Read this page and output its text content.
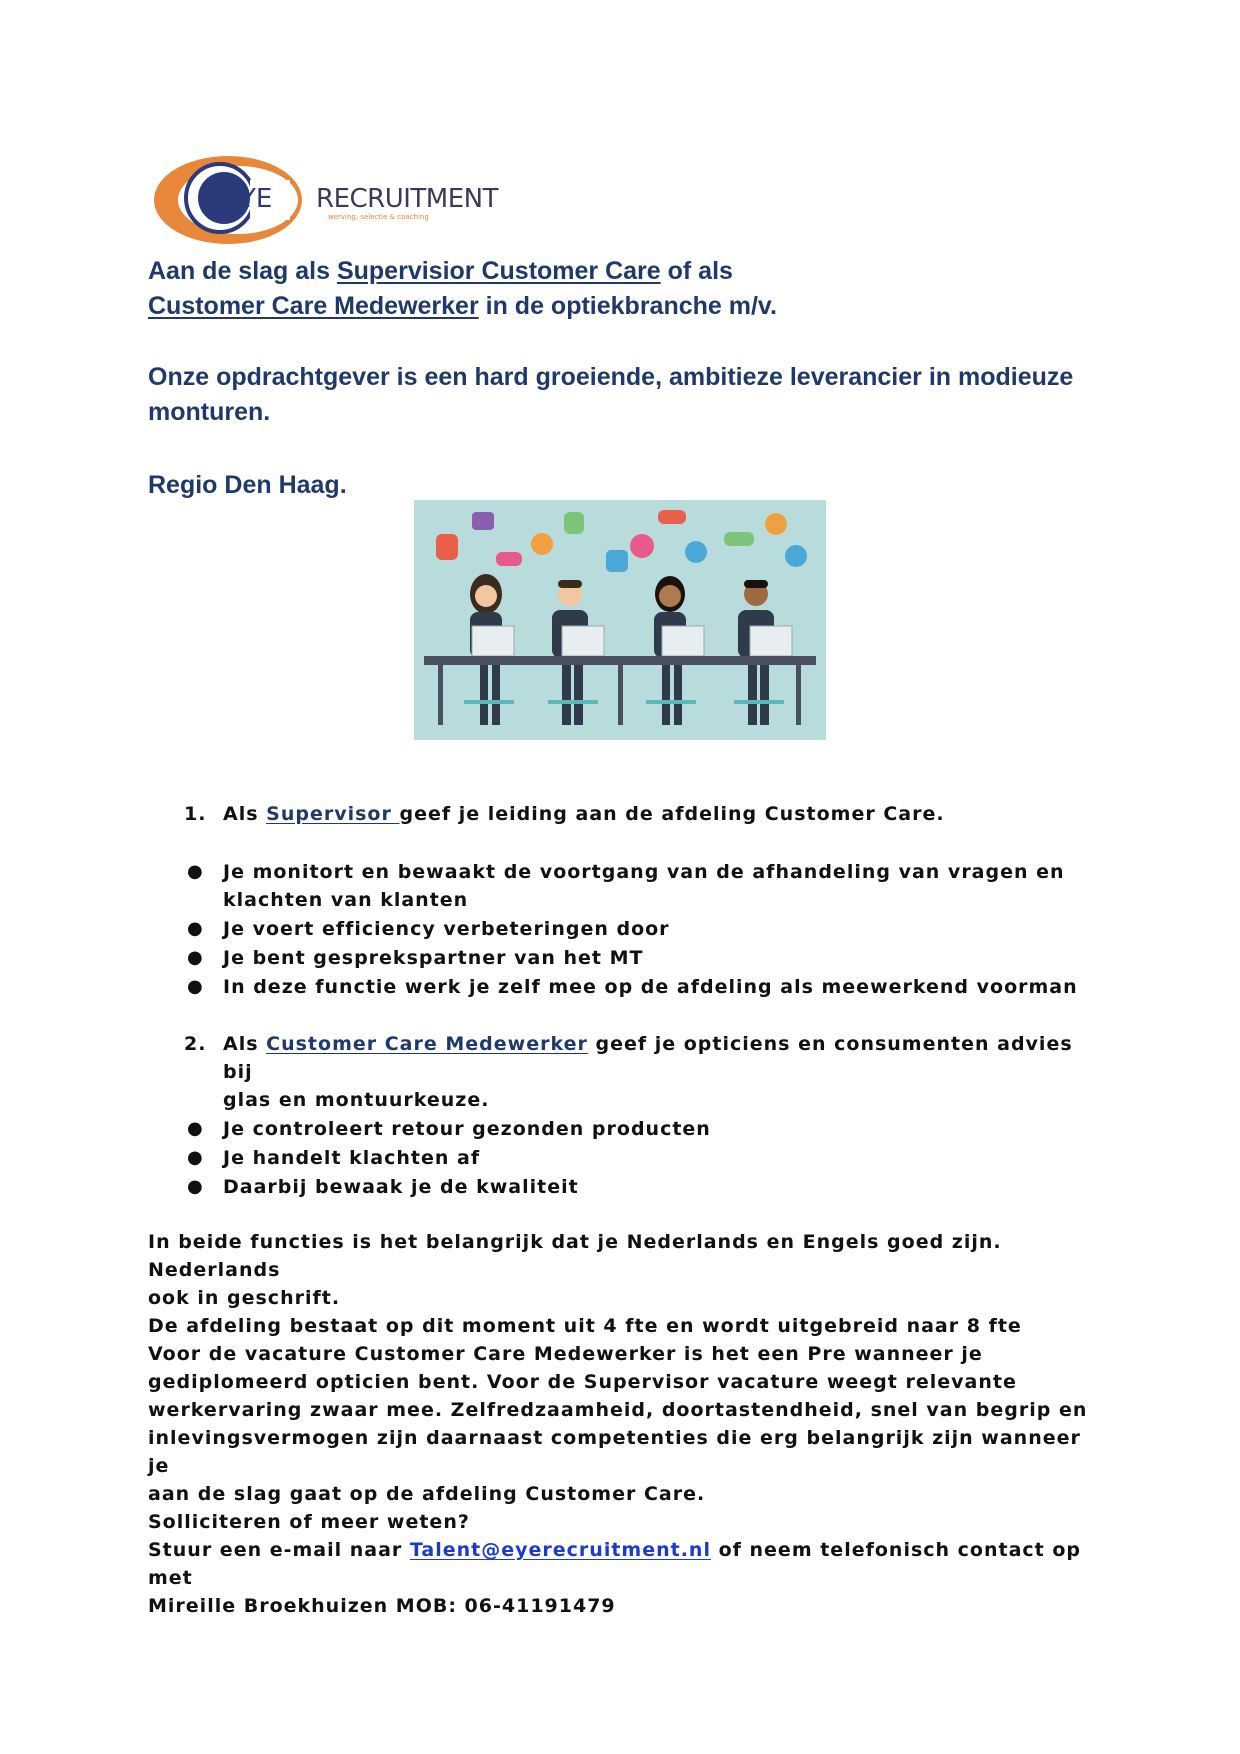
YE RECRUITMENT
werving, selectie & coaching
Aan de slag als Supervisior Customer Care of als
Customer Care Medewerker in de optiekbranche m/v.
Onze opdrachtgever is een hard groeiende, ambitieze leverancier in modieuze
monturen.
Regio Den Haag.
1. Als Supervisor geef je leiding aan de afdeling Customer Care.
● Je monitort en bewaakt de voortgang van de afhandeling van vragen en
klachten van klanten
● Je voert efficiency verbeteringen door
● Je bent gesprekspartner van het MT
● In deze functie werk je zelf mee op de afdeling als meewerkend voorman
2. Als Customer Care Medewerker geef je opticiens en consumenten advies bij
glas en montuurkeuze.
● Je controleert retour gezonden producten
● Je handelt klachten af
● Daarbij bewaak je de kwaliteit

In beide functies is het belangrijk dat je Nederlands en Engels goed zijn. Nederlands
ook in geschrift.

De afdeling bestaat op dit moment uit 4 fte en wordt uitgebreid naar 8 fte
Voor de vacature Customer Care Medewerker is het een Pre wanneer je
gediplomeerd opticien bent. Voor de Supervisor vacature weegt relevante
werkervaring zwaar mee. Zelfredzaamheid, doortastendheid, snel van begrip en
inlevingsvermogen zijn daarnaast competenties die erg belangrijk zijn wanneer je
aan de slag gaat op de afdeling Customer Care.

Solliciteren of meer weten?
Stuur een e-mail naar Talent@eyerecruitment.nl of neem telefonisch contact op met
Mireille Broekhuizen MOB: 06-41191479
